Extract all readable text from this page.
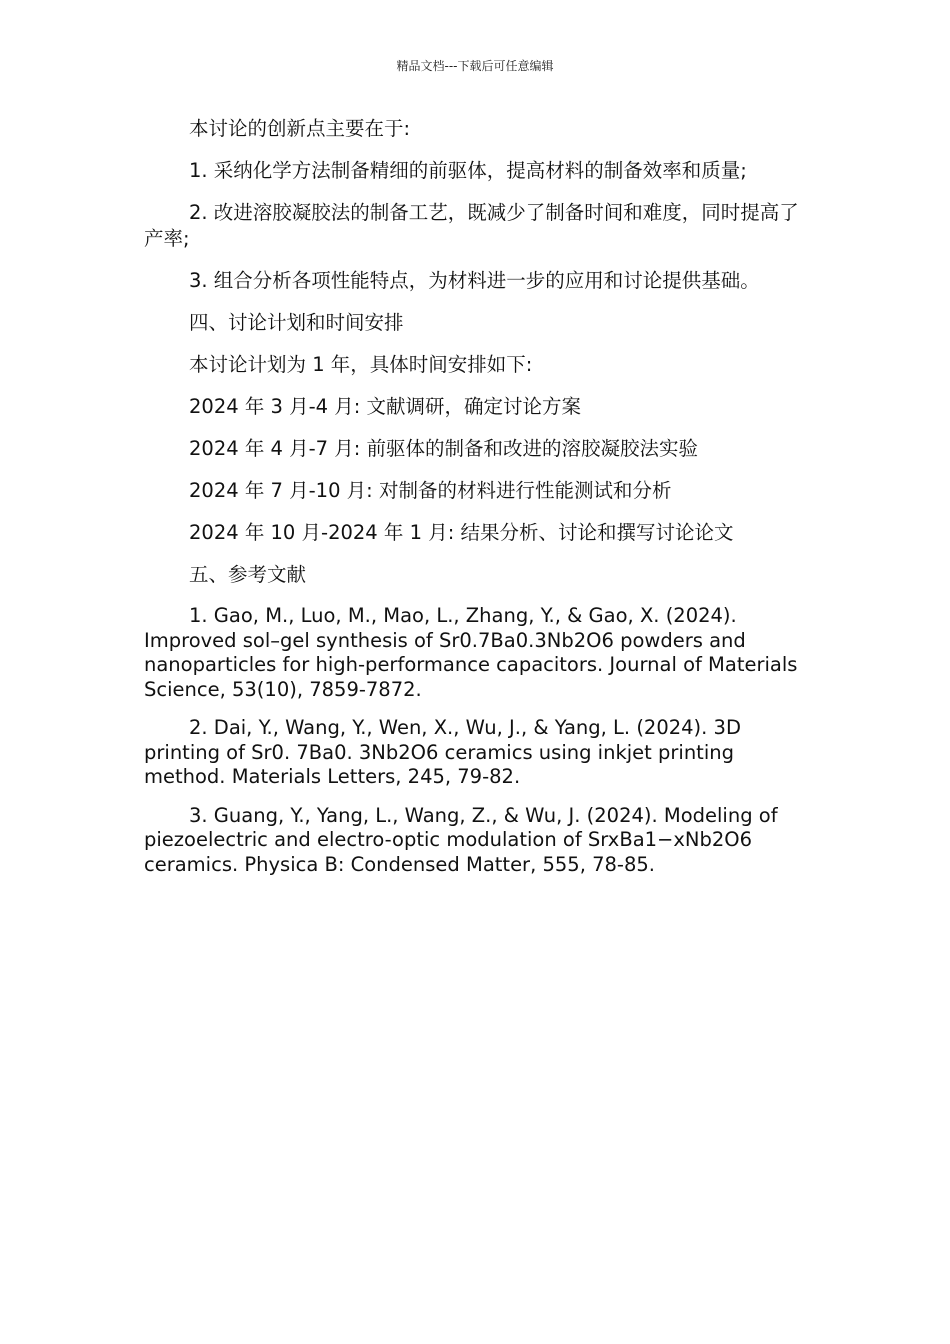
精品文档---下载后可任意编辑

本讨论的创新点主要在于:

1. 采纳化学方法制备精细的前驱体，提高材料的制备效率和质量;

2. 改进溶胶凝胶法的制备工艺，既减少了制备时间和难度，同时提高了产率;

3. 组合分析各项性能特点，为材料进一步的应用和讨论提供基础。

四、讨论计划和时间安排

本讨论计划为 1 年，具体时间安排如下:

2024 年 3 月-4 月: 文献调研，确定讨论方案

2024 年 4 月-7 月: 前驱体的制备和改进的溶胶凝胶法实验

2024 年 7 月-10 月: 对制备的材料进行性能测试和分析

2024 年 10 月-2024 年 1 月: 结果分析、讨论和撰写讨论论文

五、参考文献

1. Gao, M., Luo, M., Mao, L., Zhang, Y., & Gao, X. (2024). Improved sol–gel synthesis of Sr0.7Ba0.3Nb2O6 powders and nanoparticles for high-performance capacitors. Journal of Materials Science, 53(10), 7859-7872.

2. Dai, Y., Wang, Y., Wen, X., Wu, J., & Yang, L. (2024). 3D printing of Sr0. 7Ba0. 3Nb2O6 ceramics using inkjet printing method. Materials Letters, 245, 79-82.

3. Guang, Y., Yang, L., Wang, Z., & Wu, J. (2024). Modeling of piezoelectric and electro-optic modulation of SrxBa1−xNb2O6 ceramics. Physica B: Condensed Matter, 555, 78-85.
